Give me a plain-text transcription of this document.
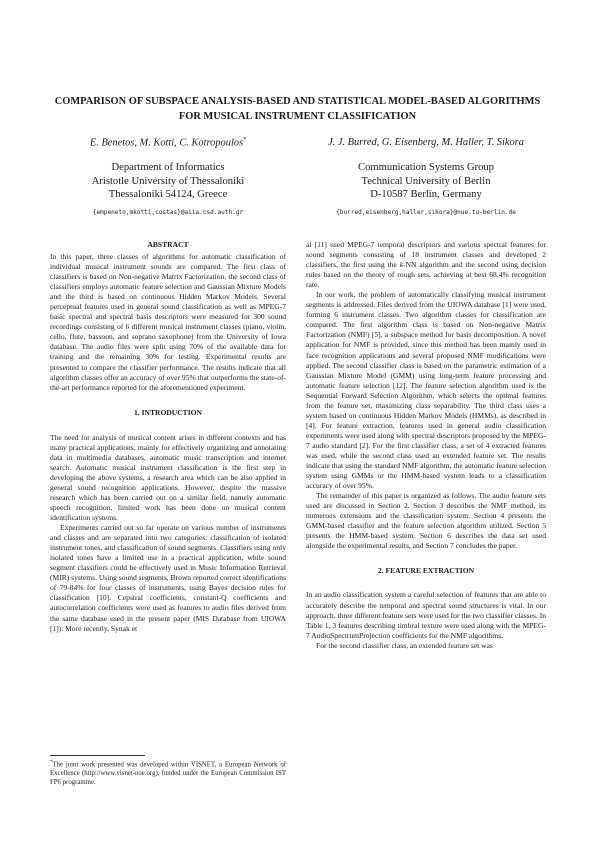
COMPARISON OF SUBSPACE ANALYSIS-BASED AND STATISTICAL MODEL-BASED ALGORITHMS FOR MUSICAL INSTRUMENT CLASSIFICATION
E. Benetos, M. Kotti, C. Kotropoulos*	J. J. Burred, G. Eisenberg, M. Haller, T. Sikora
Department of Informatics
Aristotle University of Thessaloniki
Thessaloniki 54124, Greece
Communication Systems Group
Technical University of Berlin
D-10587 Berlin, Germany
{empeneto,mkotti,costas}@aiia.csd.auth.gr	{burred,eisenberg,haller,sikora}@nue.tu-berlin.de

ABSTRACT

In this paper, three classes of algorithms for automatic classification of individual musical instrument sounds are compared. The first class of classifiers is based on Non-negative Matrix Factorization, the second class of classifiers employs automatic feature selection and Gaussian Mixture Models and the third is based on continuous Hidden Markov Models. Several perceptual features used in general sound classification as well as MPEG-7 basic spectral and spectral basis descriptors were measured for 300 sound recordings consisting of 6 different musical instrument classes (piano, violin, cello, flute, bassoon, and soprano saxophone) from the University of Iowa database. The audio files were split using 70% of the available data for training and the remaining 30% for testing. Experimental results are presented to compare the classifier performance. The results indicate that all algorithm classes offer an accuracy of over 95% that outperforms the state-of-the-art performance reported for the aforementioned experiment.

1. INTRODUCTION

The need for analysis of musical content arises in different contexts and has many practical applications, mainly for effectively organizing and annotating data in multimedia databases, automatic music transcription and internet search. Automatic musical instrument classification is the first step in developing the above systems, a research area which can be also applied in general sound recognition applications. However, despite the massive research which has been carried out on a similar field, namely automatic speech recognition, limited work has been done on musical content identification systems.

Experiments carried out so far operate on various number of instruments and classes and are separated into two categories: classification of isolated instrument tones, and classification of sound segments. Classifiers using only isolated tones have a limited use in a practical application, while sound segment classifiers could be effectively used in Music Information Retrieval (MIR) systems. Using sound segments, Brown reported correct identifications of 79-84% for four classes of instruments, using Bayes decision rules for classification [10]. Cepstral coefficients, constant-Q coefficients and autocorrelation coefficients were used as features to audio files derived from the same database used in the present paper (MIS Database from UIOWA [1]). More recently, Synak et

*The joint work presented was developed within VISNET, a European Network of Excellence (http://www.visnet-noe.org), funded under the European Commission IST FP6 programme.

al [11] used MPEG-7 temporal descriptors and various spectral features for sound segments consisting of 18 instrument classes and developed 2 classifiers, the first using the k-NN algorithm and the second using decision rules based on the theory of rough sets, achieving at best 68.4% recognition rate.

In our work, the problem of automatically classifying musical instrument segments is addressed. Files derived from the UIOWA database [1] were used, forming 6 instrument classes. Two algorithm classes for classification are compared. The first algorithm class is based on Non-negative Matrix Factorization (NMF) [5], a subspace method for basis decomposition. A novel application for NMF is provided, since this method has been mainly used in face recognition applications and several proposed NMF modifications were applied. The second classifier class is based on the parametric estimation of a Gaussian Mixture Model (GMM) using long-term feature processing and automatic feature selection [12]. The feature selection algorithm used is the Sequential Forward Selection Algorithm, which selects the optimal features from the feature set, maximizing class separability. The third class uses a system based on continuous Hidden Markov Models (HMMs), as described in [4]. For feature extraction, features used in general audio classification experiments were used along with spectral descriptors proposed by the MPEG-7 audio standard [2]. For the first classifier class, a set of 4 extracted features was used, while the second class used an extended feature set. The results indicate that using the standard NMF algorithm, the automatic feature selection system using GMMs or the HMM-based system leads to a classification accuracy of over 95%.

The remainder of this paper is organized as follows. The audio feature sets used are discussed in Section 2. Section 3 describes the NMF method, its numerous extensions and the classification system. Section 4 presents the GMM-based classifier and the feature selection algorithm utilized. Section 5 presents the HMM-based system. Section 6 describes the data set used alongside the experimental results, and Section 7 concludes the paper.

2. FEATURE EXTRACTION

In an audio classification system a careful selection of features that are able to accurately describe the temporal and spectral sound structures is vital. In our approach, three different feature sets were used for the two classifier classes. In Table 1, 3 features describing timbral texture were used along with the MPEG-7 AudioSpectrumProjection coefficients for the NMF algorithms.

For the second classifier class, an extended feature set was
